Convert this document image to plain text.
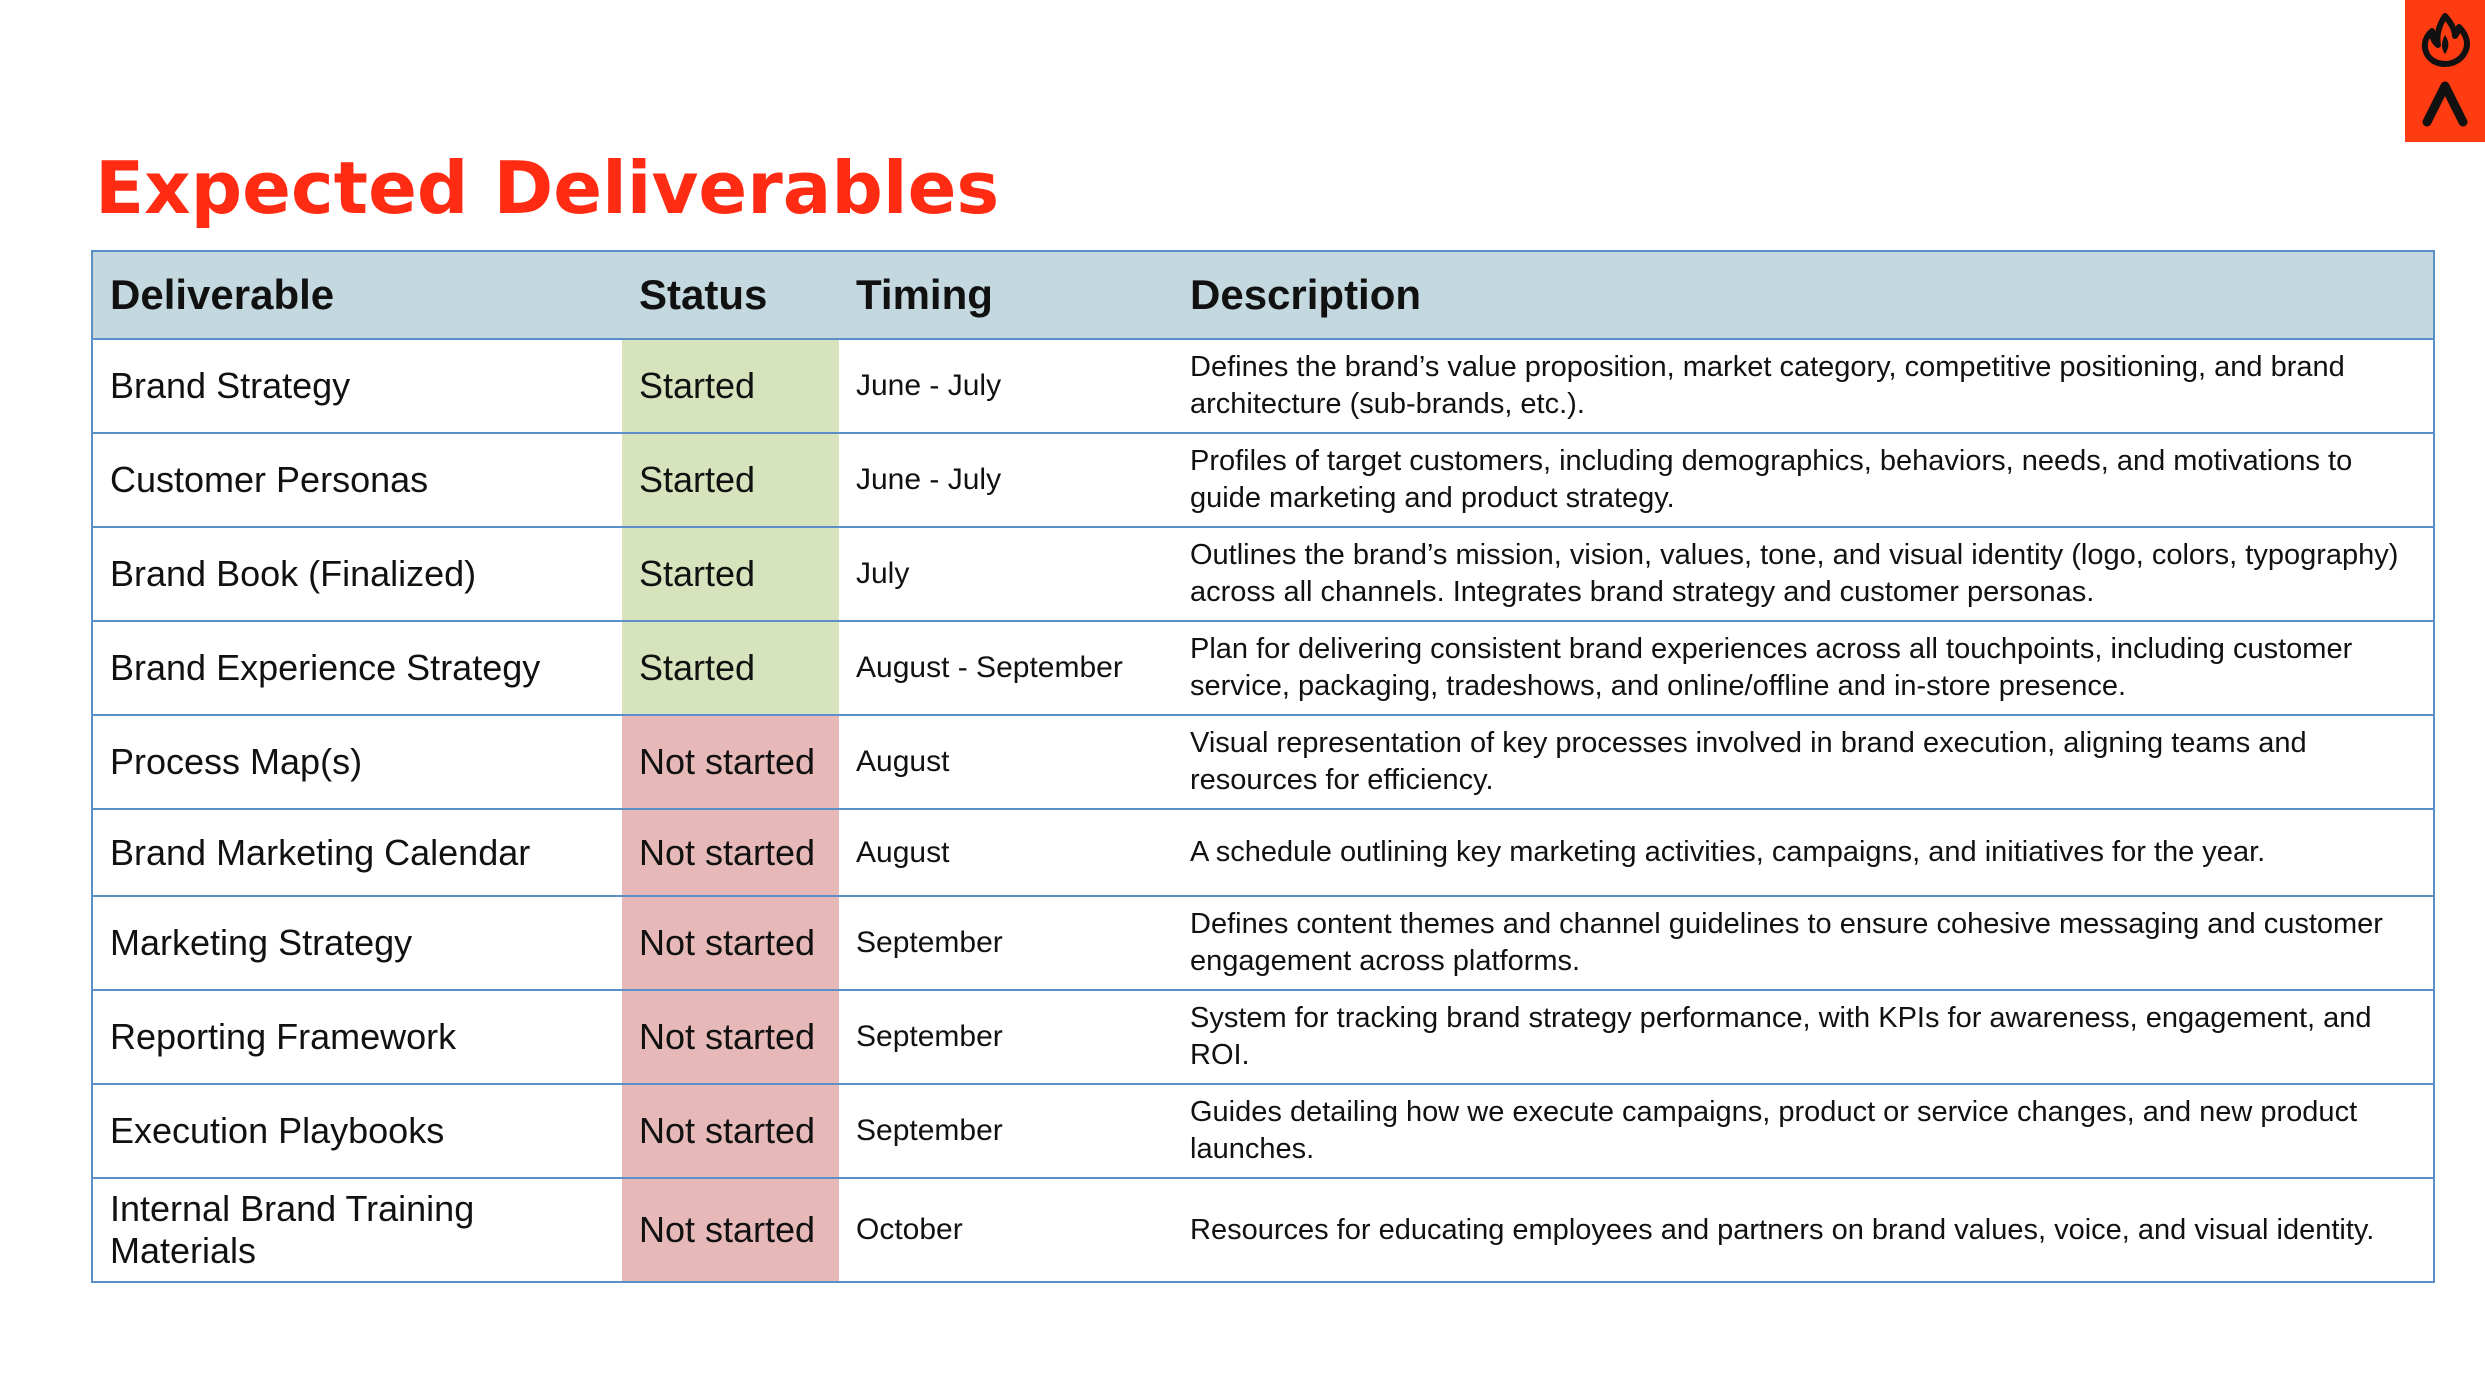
Expected Deliverables
Deliverable	Status	Timing	Description
Brand Strategy	Started	June - July	Defines the brand’s value proposition, market category, competitive positioning, and brand architecture (sub-brands, etc.).
Customer Personas	Started	June - July	Profiles of target customers, including demographics, behaviors, needs, and motivations to guide marketing and product strategy.
Brand Book (Finalized)	Started	July	Outlines the brand’s mission, vision, values, tone, and visual identity (logo, colors, typography) across all channels. Integrates brand strategy and customer personas.
Brand Experience Strategy	Started	August - September	Plan for delivering consistent brand experiences across all touchpoints, including customer service, packaging, tradeshows, and online/offline and in-store presence.
Process Map(s)	Not started	August	Visual representation of key processes involved in brand execution, aligning teams and resources for efficiency.
Brand Marketing Calendar	Not started	August	A schedule outlining key marketing activities, campaigns, and initiatives for the year.
Marketing Strategy	Not started	September	Defines content themes and channel guidelines to ensure cohesive messaging and customer engagement across platforms.
Reporting Framework	Not started	September	System for tracking brand strategy performance, with KPIs for awareness, engagement, and ROI.
Execution Playbooks	Not started	September	Guides detailing how we execute campaigns, product or service changes, and new product launches.
Internal Brand Training Materials	Not started	October	Resources for educating employees and partners on brand values, voice, and visual identity.
